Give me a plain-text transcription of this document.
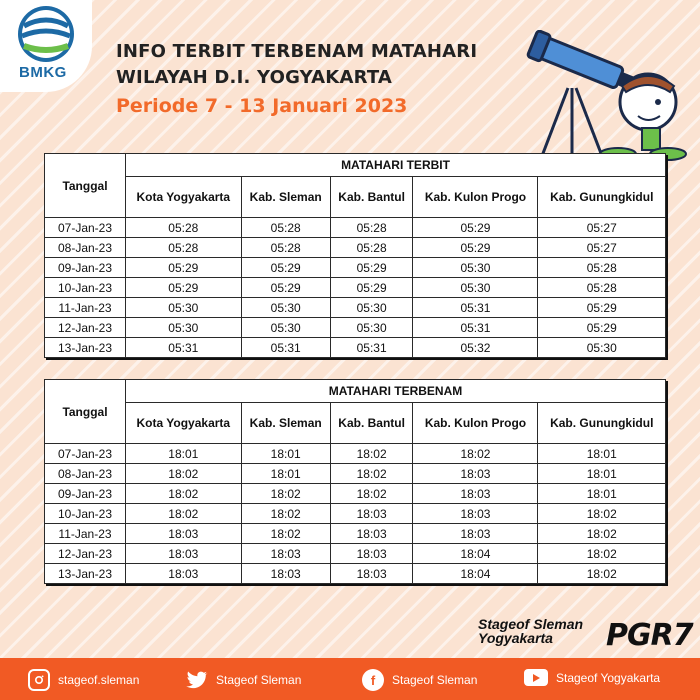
BMKG
INFO TERBIT TERBENAM MATAHARI
WILAYAH D.I. YOGYAKARTA
Periode 7 - 13 Januari 2023
Tanggal	MATAHARI TERBIT				
	Kota Yogyakarta	Kab. Sleman	Kab. Bantul	Kab. Kulon Progo	Kab. Gunungkidul
07-Jan-23	05:28	05:28	05:28	05:29	05:27
08-Jan-23	05:28	05:28	05:28	05:29	05:27
09-Jan-23	05:29	05:29	05:29	05:30	05:28
10-Jan-23	05:29	05:29	05:29	05:30	05:28
11-Jan-23	05:30	05:30	05:30	05:31	05:29
12-Jan-23	05:30	05:30	05:30	05:31	05:29
13-Jan-23	05:31	05:31	05:31	05:32	05:30
Tanggal	MATAHARI TERBENAM				
	Kota Yogyakarta	Kab. Sleman	Kab. Bantul	Kab. Kulon Progo	Kab. Gunungkidul
07-Jan-23	18:01	18:01	18:02	18:02	18:01
08-Jan-23	18:02	18:01	18:02	18:03	18:01
09-Jan-23	18:02	18:02	18:02	18:03	18:01
10-Jan-23	18:02	18:02	18:03	18:03	18:02
11-Jan-23	18:03	18:02	18:03	18:03	18:02
12-Jan-23	18:03	18:03	18:03	18:04	18:02
13-Jan-23	18:03	18:03	18:03	18:04	18:02
Stageof Sleman
Yogyakarta	PGR7
stageof.sleman	Stageof Sleman	f	Stageof Sleman	Stageof Yogyakarta
